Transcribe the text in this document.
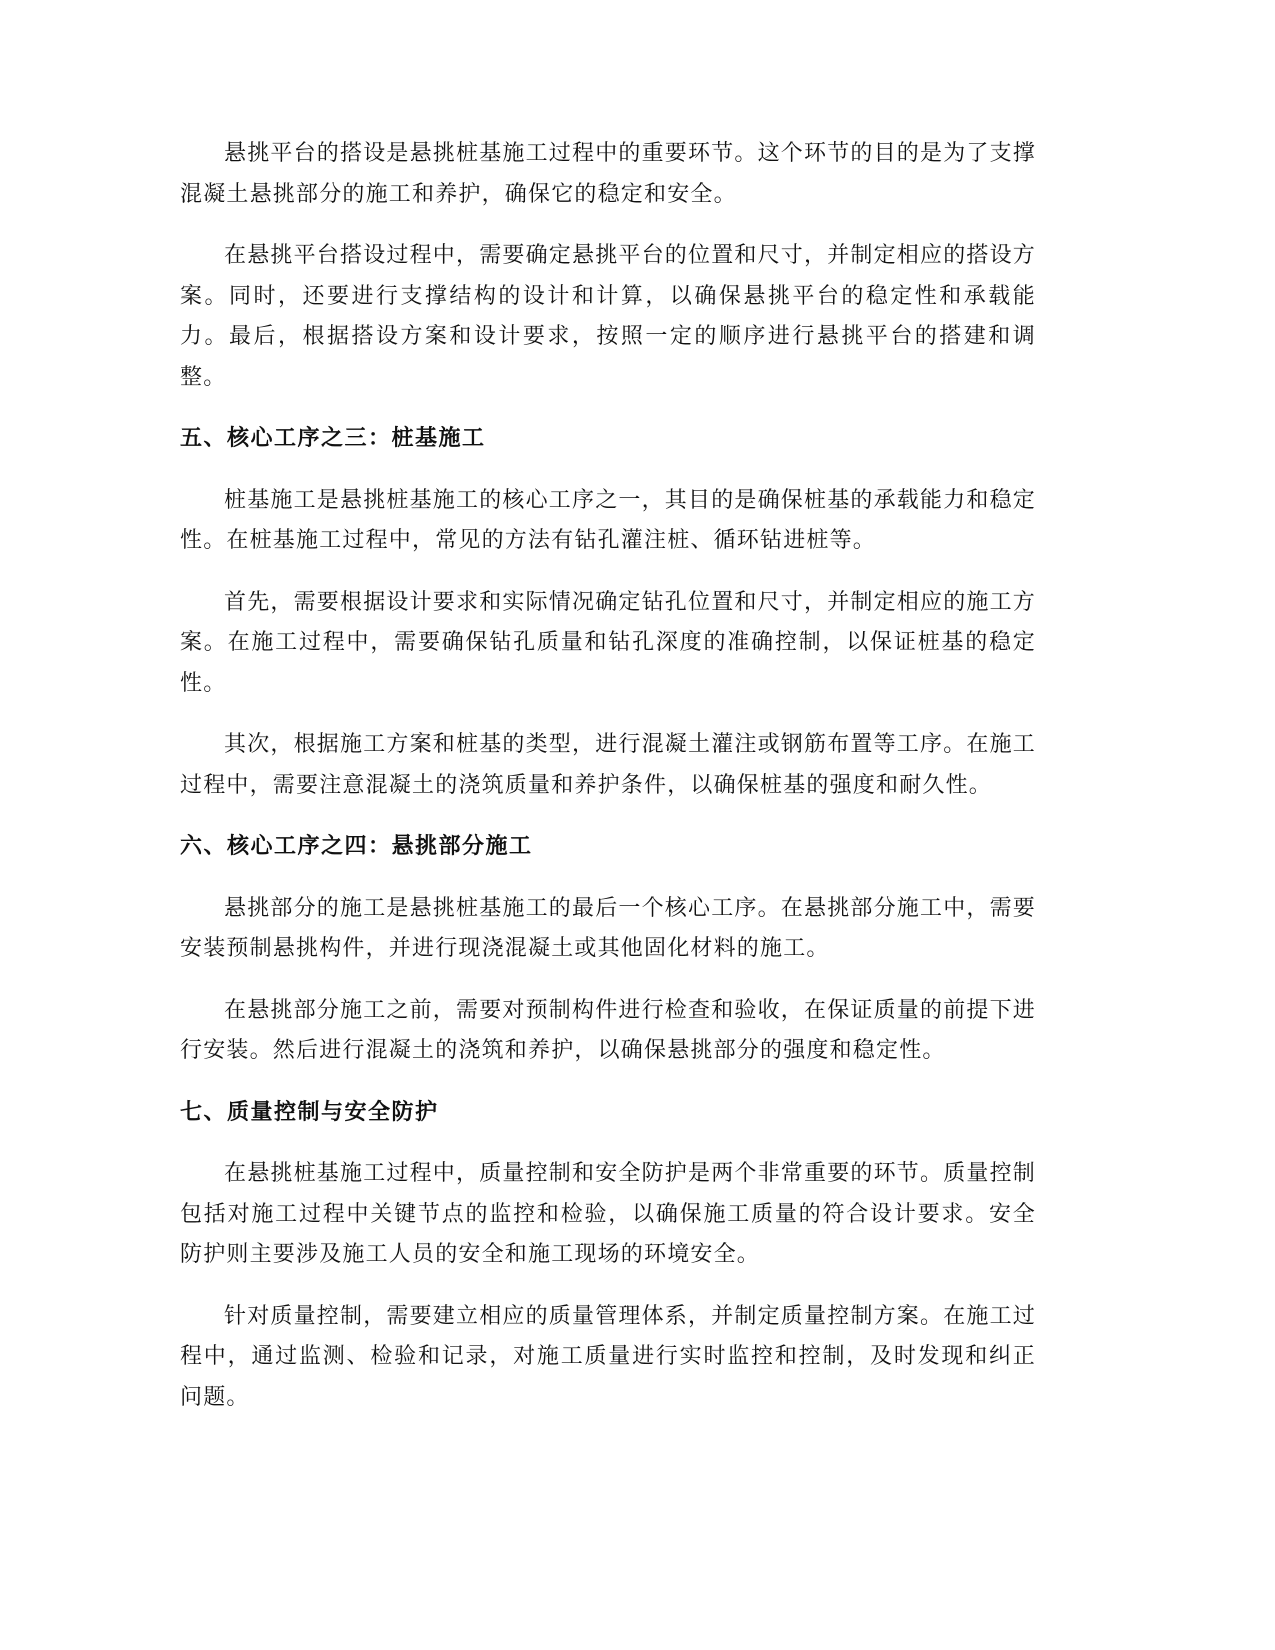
悬挑平台的搭设是悬挑桩基施工过程中的重要环节。这个环节的目的是为了支撑混凝土悬挑部分的施工和养护，确保它的稳定和安全。

在悬挑平台搭设过程中，需要确定悬挑平台的位置和尺寸，并制定相应的搭设方案。同时，还要进行支撑结构的设计和计算，以确保悬挑平台的稳定性和承载能力。最后，根据搭设方案和设计要求，按照一定的顺序进行悬挑平台的搭建和调整。

五、核心工序之三：桩基施工

桩基施工是悬挑桩基施工的核心工序之一，其目的是确保桩基的承载能力和稳定性。在桩基施工过程中，常见的方法有钻孔灌注桩、循环钻进桩等。

首先，需要根据设计要求和实际情况确定钻孔位置和尺寸，并制定相应的施工方案。在施工过程中，需要确保钻孔质量和钻孔深度的准确控制，以保证桩基的稳定性。

其次，根据施工方案和桩基的类型，进行混凝土灌注或钢筋布置等工序。在施工过程中，需要注意混凝土的浇筑质量和养护条件，以确保桩基的强度和耐久性。

六、核心工序之四：悬挑部分施工

悬挑部分的施工是悬挑桩基施工的最后一个核心工序。在悬挑部分施工中，需要安装预制悬挑构件，并进行现浇混凝土或其他固化材料的施工。

在悬挑部分施工之前，需要对预制构件进行检查和验收，在保证质量的前提下进行安装。然后进行混凝土的浇筑和养护，以确保悬挑部分的强度和稳定性。

七、质量控制与安全防护

在悬挑桩基施工过程中，质量控制和安全防护是两个非常重要的环节。质量控制包括对施工过程中关键节点的监控和检验，以确保施工质量的符合设计要求。安全防护则主要涉及施工人员的安全和施工现场的环境安全。

针对质量控制，需要建立相应的质量管理体系，并制定质量控制方案。在施工过程中，通过监测、检验和记录，对施工质量进行实时监控和控制，及时发现和纠正问题。
